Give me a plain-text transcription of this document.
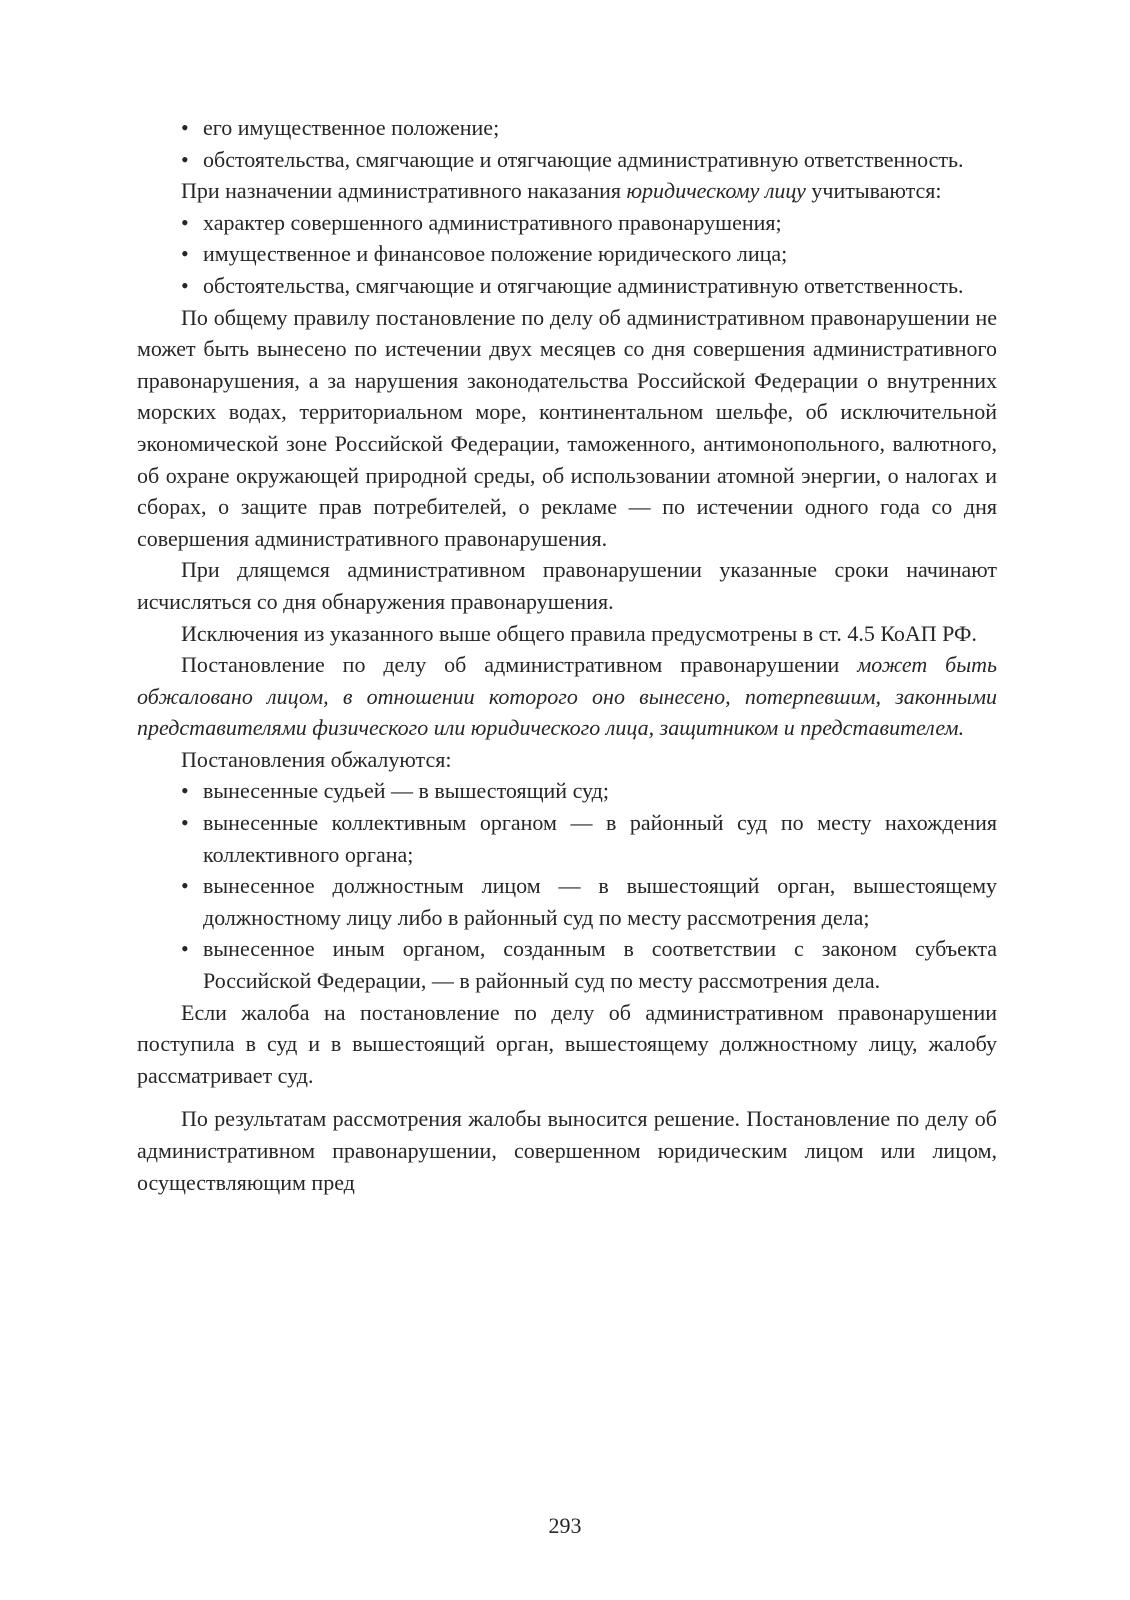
• его имущественное положение;
• обстоятельства, смягчающие и отягчающие административную ответственность.

При назначении административного наказания юридическому лицу учитываются:

• характер совершенного административного правонарушения;
• имущественное и финансовое положение юридического лица;
• обстоятельства, смягчающие и отягчающие административную ответственность.

По общему правилу постановление по делу об административном правонарушении не может быть вынесено по истечении двух месяцев со дня совершения административного правонарушения, а за нарушения законодательства Российской Федерации о внутренних морских водах, территориальном море, континентальном шельфе, об исключительной экономической зоне Российской Федерации, таможенного, антимонопольного, валютного, об охране окружающей природной среды, об использовании атомной энергии, о налогах и сборах, о защите прав потребителей, о рекламе — по истечении одного года со дня совершения административного правонарушения.

При длящемся административном правонарушении указанные сроки начинают исчисляться со дня обнаружения правонарушения.

Исключения из указанного выше общего правила предусмотрены в ст. 4.5 КоАП РФ.

Постановление по делу об административном правонарушении может быть обжаловано лицом, в отношении которого оно вынесено, потерпевшим, законными представителями физического или юридического лица, защитником и представителем.

Постановления обжалуются:

• вынесенные судьей — в вышестоящий суд;
• вынесенные коллективным органом — в районный суд по месту нахождения коллективного органа;
• вынесенное должностным лицом — в вышестоящий орган, вышестоящему должностному лицу либо в районный суд по месту рассмотрения дела;
• вынесенное иным органом, созданным в соответствии с законом субъекта Российской Федерации, — в районный суд по месту рассмотрения дела.

Если жалоба на постановление по делу об административном правонарушении поступила в суд и в вышестоящий орган, вышестоящему должностному лицу, жалобу рассматривает суд.

По результатам рассмотрения жалобы выносится решение. Постановление по делу об административном правонарушении, совершенном юридическим лицом или лицом, осуществляющим пред

293
